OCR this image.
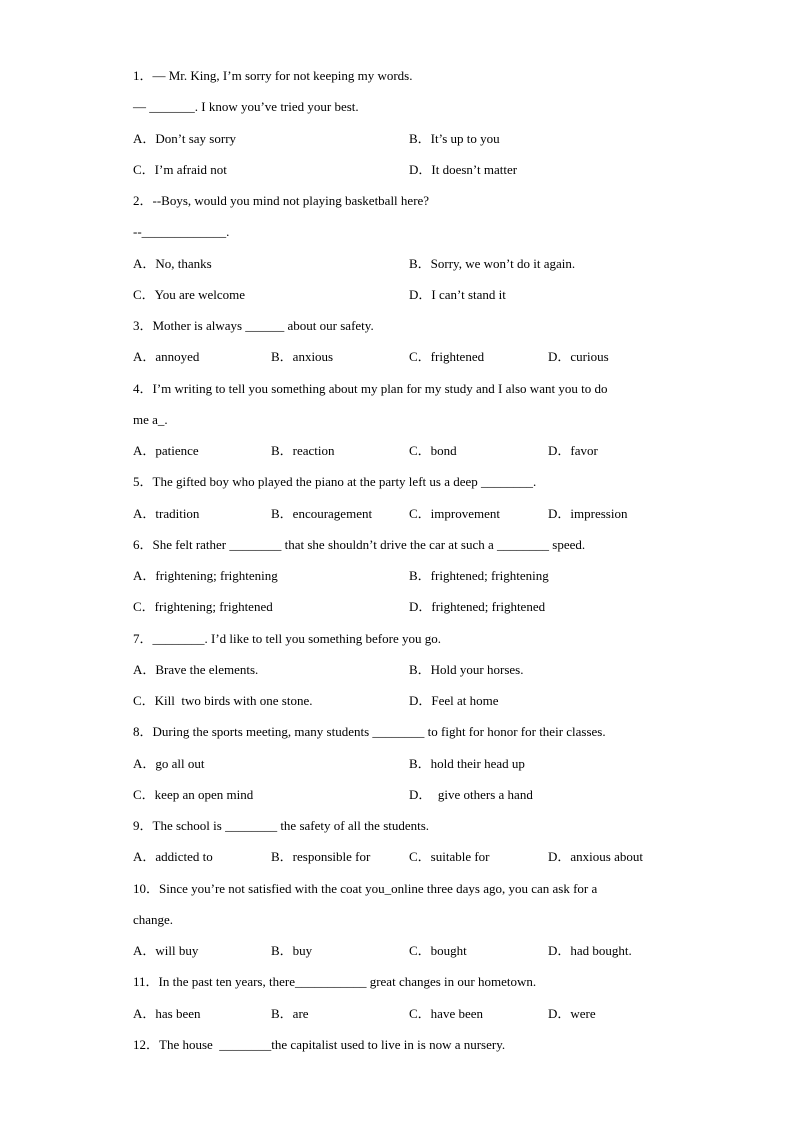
1．— Mr. King, I’m sorry for not keeping my words.
— _______. I know you’ve tried your best.
A．Don’t say sorry	B．It’s up to you
C．I’m afraid not	D．It doesn’t matter
2．--Boys, would you mind not playing basketball here?
--_____________.
A．No, thanks	B．Sorry, we won’t do it again.
C．You are welcome	D．I can’t stand it
3．Mother is always ______ about our safety.
A．annoyed	B．anxious	C．frightened	D．curious
4．I’m writing to tell you something about my plan for my study and I also want you to do
me a_.
A．patience	B．reaction	C．bond	D．favor
5．The gifted boy who played the piano at the party left us a deep ________.
A．tradition	B．encouragement	C．improvement	D．impression
6．She felt rather ________ that she shouldn’t drive the car at such a ________ speed.
A．frightening; frightening	B．frightened; frightening
C．frightening; frightened	D．frightened; frightened
7．________. I’d like to tell you something before you go.
A．Brave the elements.	B．Hold your horses.
C．Kill  two birds with one stone.	D．Feel at home
8．During the sports meeting, many students ________ to fight for honor for their classes.
A．go all out	B．hold their head up
C．keep an open mind	D．  give others a hand
9．The school is ________ the safety of all the students.
A．addicted to	B．responsible for	C．suitable for	D．anxious about
10．Since you’re not satisfied with the coat you_online three days ago, you can ask for a
change.
A．will buy	B．buy	C．bought	D．had bought.
11．In the past ten years, there___________ great changes in our hometown.
A．has been	B．are	C．have been	D．were
12．The house  ________the capitalist used to live in is now a nursery.
